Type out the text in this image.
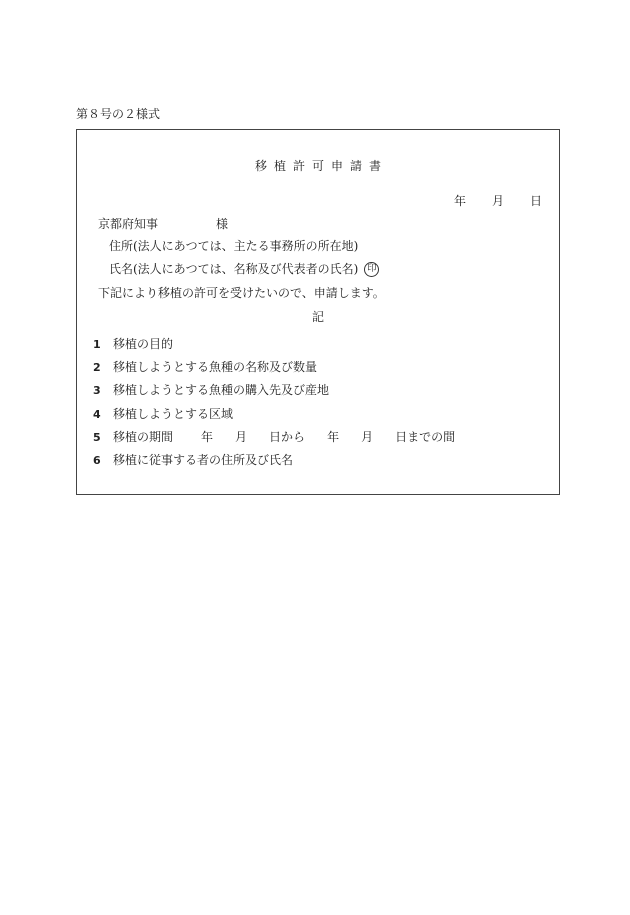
第８号の２様式
移 植 許 可 申 請 書
年 月 日
京都府知事	様
住所(法人にあつては、主たる事務所の所在地)
氏名(法人にあつては、名称及び代表者の氏名) 印
下記により移植の許可を受けたいので、申請します。
記
1 移植の目的
2 移植しようとする魚種の名称及び数量
3 移植しようとする魚種の購入先及び産地
4 移植しようとする区域
5 移植の期間 年 月 日から 年 月 日までの間
6 移植に従事する者の住所及び氏名
